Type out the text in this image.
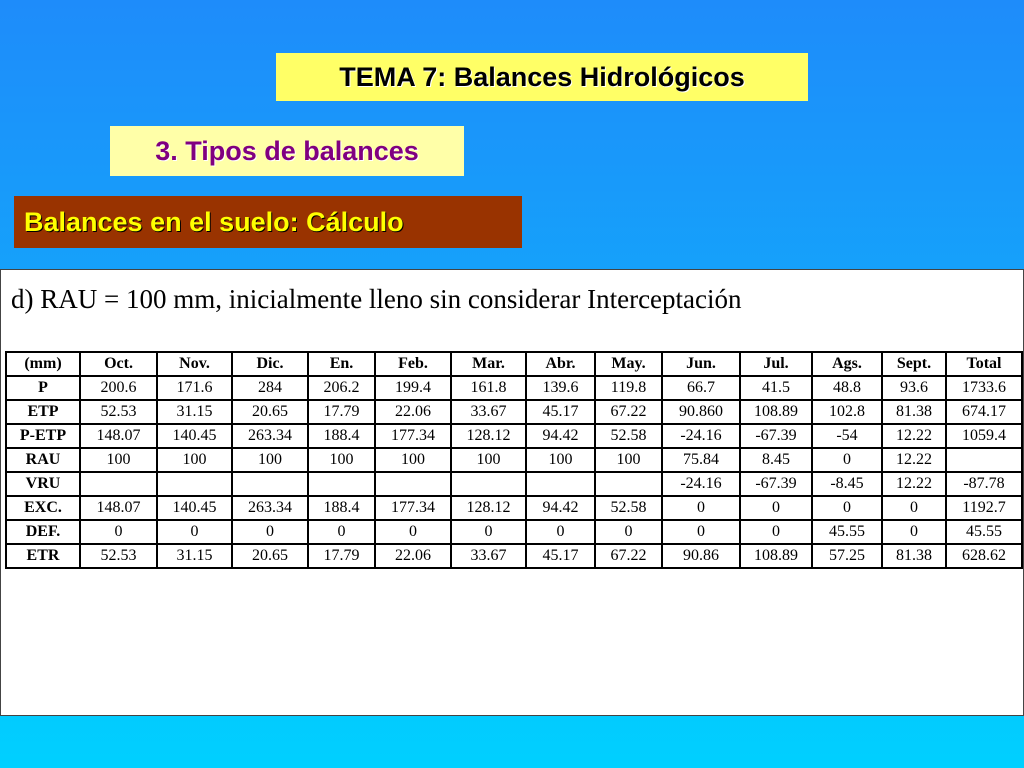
TEMA 7: Balances Hidrológicos
3. Tipos de balances
Balances en el suelo: Cálculo
d) RAU = 100 mm, inicialmente lleno sin considerar Interceptación
(mm)	Oct.	Nov.	Dic.	En.	Feb.	Mar.	Abr.	May.	Jun.	Jul.	Ags.	Sept.	Total
P	200.6	171.6	284	206.2	199.4	161.8	139.6	119.8	66.7	41.5	48.8	93.6	1733.6
ETP	52.53	31.15	20.65	17.79	22.06	33.67	45.17	67.22	90.860	108.89	102.8	81.38	674.17
P-ETP	148.07	140.45	263.34	188.4	177.34	128.12	94.42	52.58	-24.16	-67.39	-54	12.22	1059.4
RAU	100	100	100	100	100	100	100	100	75.84	8.45	0	12.22	
VRU									-24.16	-67.39	-8.45	12.22	-87.78
EXC.	148.07	140.45	263.34	188.4	177.34	128.12	94.42	52.58	0	0	0	0	1192.7
DEF.	0	0	0	0	0	0	0	0	0	0	45.55	0	45.55
ETR	52.53	31.15	20.65	17.79	22.06	33.67	45.17	67.22	90.86	108.89	57.25	81.38	628.62
